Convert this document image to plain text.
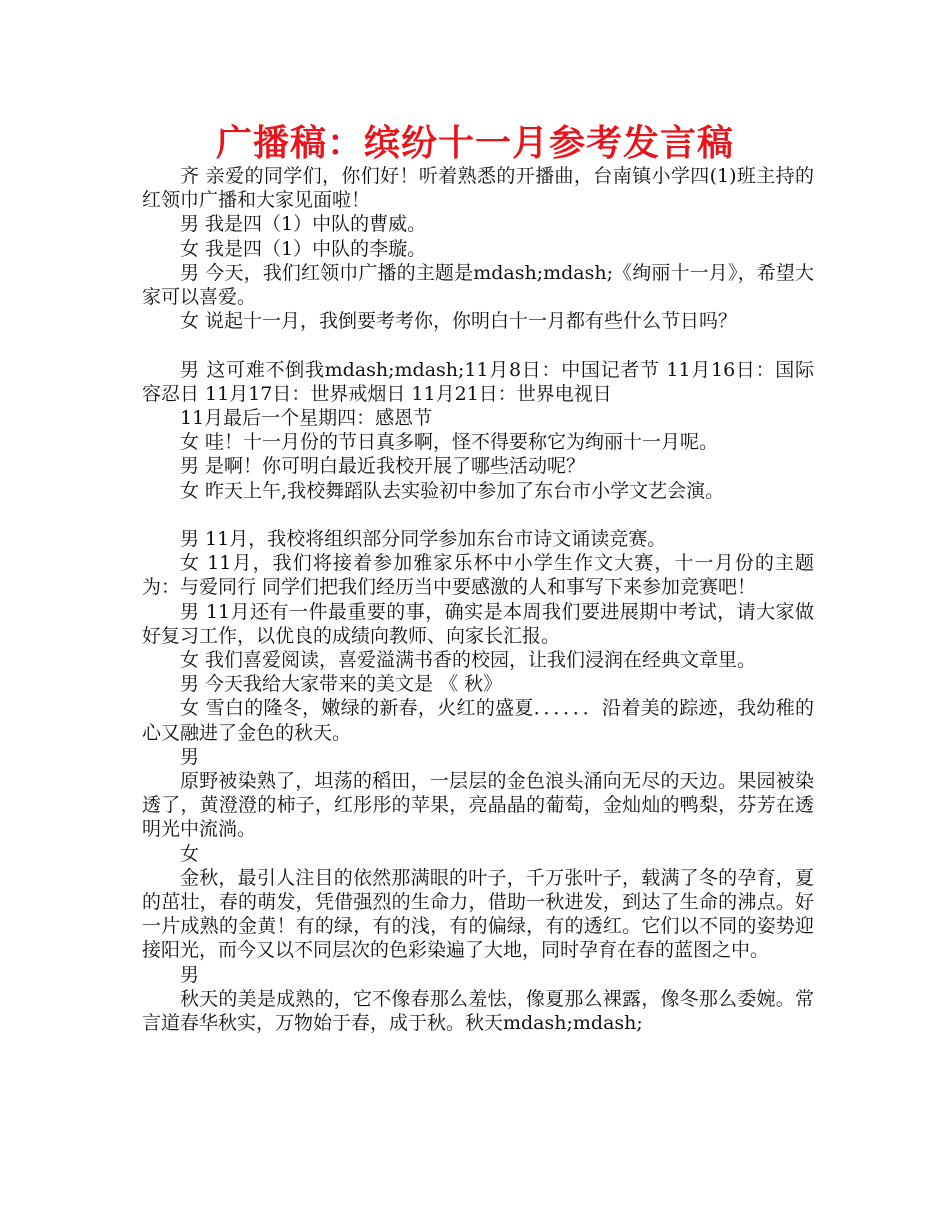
广播稿：缤纷十一月参考发言稿

齐 亲爱的同学们，你们好！听着熟悉的开播曲，台南镇小学四(1)班主持的红领巾广播和大家见面啦！

男 我是四（1）中队的曹威。

女 我是四（1）中队的李璇。

男 今天，我们红领巾广播的主题是mdash;mdash;《绚丽十一月》，希望大家可以喜爱。

女 说起十一月，我倒要考考你，你明白十一月都有些什么节日吗？

男 这可难不倒我mdash;mdash;11月8日：中国记者节 11月16日：国际容忍日 11月17日：世界戒烟日 11月21日：世界电视日

11月最后一个星期四：感恩节

女 哇！十一月份的节日真多啊，怪不得要称它为绚丽十一月呢。

男 是啊！你可明白最近我校开展了哪些活动呢？

女 昨天上午,我校舞蹈队去实验初中参加了东台市小学文艺会演。

男 11月，我校将组织部分同学参加东台市诗文诵读竞赛。

女 11月，我们将接着参加雅家乐杯中小学生作文大赛，十一月份的主题为：与爱同行 同学们把我们经历当中要感激的人和事写下来参加竞赛吧！

男 11月还有一件最重要的事，确实是本周我们要进展期中考试，请大家做好复习工作，以优良的成绩向教师、向家长汇报。

女 我们喜爱阅读，喜爱溢满书香的校园，让我们浸润在经典文章里。

男 今天我给大家带来的美文是 《 秋》

女 雪白的隆冬，嫩绿的新春，火红的盛夏．．．．．．沿着美的踪迹，我幼稚的心又融进了金色的秋天。

男

原野被染熟了，坦荡的稻田，一层层的金色浪头涌向无尽的天边。果园被染透了，黄澄澄的柿子，红彤彤的苹果，亮晶晶的葡萄，金灿灿的鸭梨，芬芳在透明光中流淌。

女

金秋，最引人注目的依然那满眼的叶子，千万张叶子，载满了冬的孕育，夏的茁壮，春的萌发，凭借强烈的生命力，借助一秋进发，到达了生命的沸点。好一片成熟的金黄！有的绿，有的浅，有的偏绿，有的透红。它们以不同的姿势迎接阳光，而今又以不同层次的色彩染遍了大地，同时孕育在春的蓝图之中。

男

秋天的美是成熟的，它不像春那么羞怯，像夏那么裸露，像冬那么委婉。常言道春华秋实，万物始于春，成于秋。秋天mdash;mdash;
